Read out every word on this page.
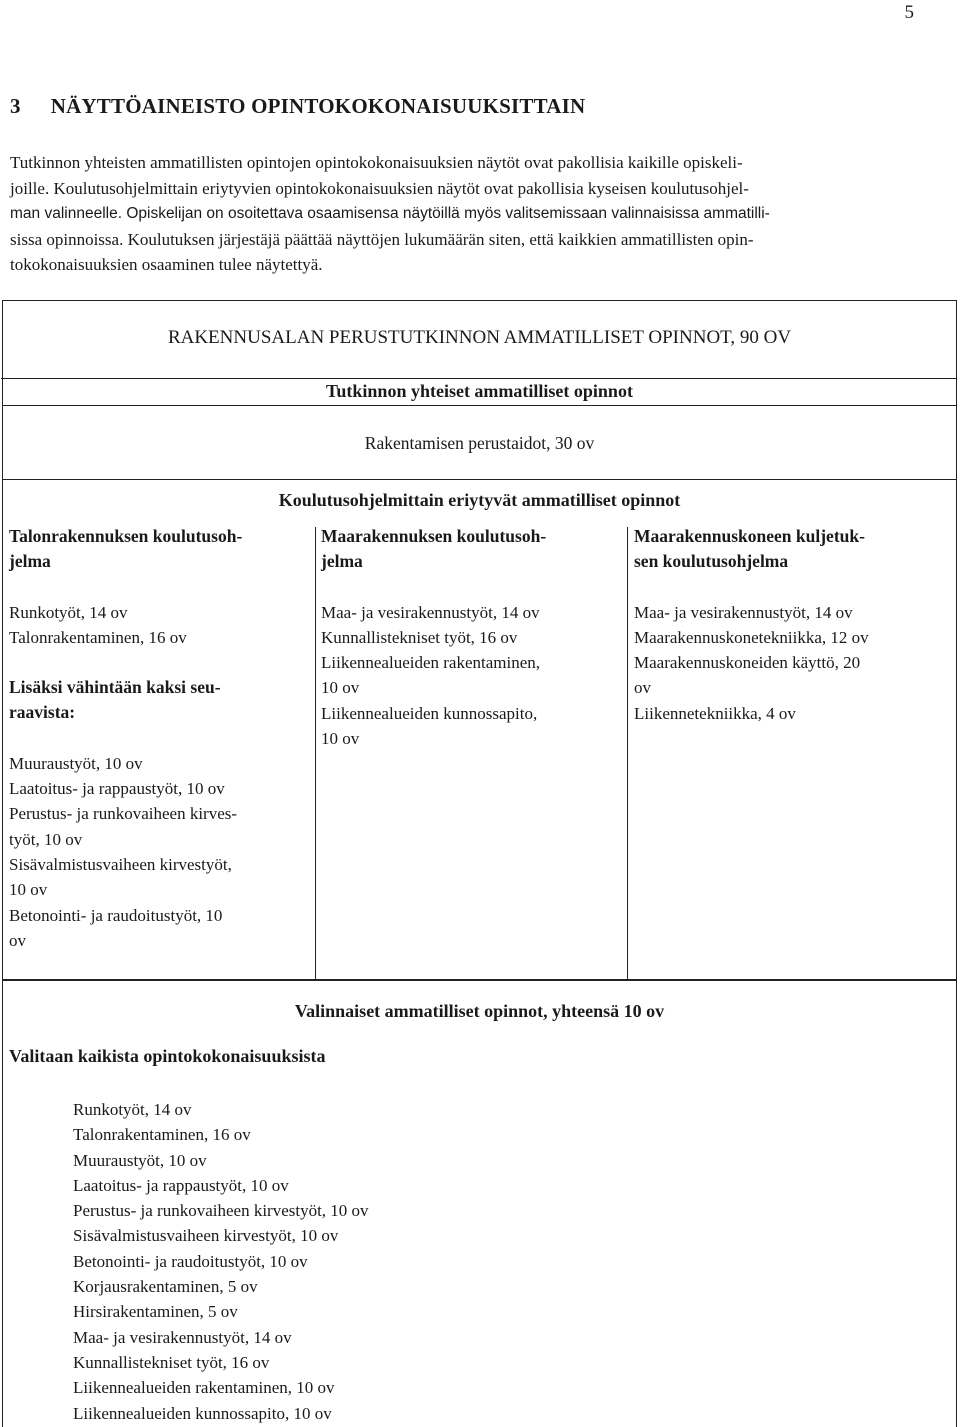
5
3 NÄYTTÖAINEISTO OPINTOKOKONAISUUKSITTAIN
Tutkinnon yhteisten ammatillisten opintojen opintokokonaisuuksien näytöt ovat pakollisia kaikille opiskeli-
joille. Koulutusohjelmittain eriytyvien opintokokonaisuuksien näytöt ovat pakollisia kyseisen koulutusohjel-
man valinneelle. Opiskelijan on osoitettava osaamisensa näytöillä myös valitsemissaan valinnaisissa ammatilli-
sissa opinnoissa. Koulutuksen järjestäjä päättää näyttöjen lukumäärän siten, että kaikkien ammatillisten opin-
tokokonaisuuksien osaaminen tulee näytettyä.
RAKENNUSALAN PERUSTUTKINNON AMMATILLISET OPINNOT, 90 OV
Tutkinnon yhteiset ammatilliset opinnot
Rakentamisen perustaidot, 30 ov
Koulutusohjelmittain eriytyvät ammatilliset opinnot
Talonrakennuksen koulutusoh-
jelma
Runkotyöt, 14 ov
Talonrakentaminen, 16 ov
Lisäksi vähintään kaksi seu-
raavista:
Muuraustyöt, 10 ov
Laatoitus- ja rappaustyöt, 10 ov
Perustus- ja runkovaiheen kirves-
työt, 10 ov
Sisävalmistusvaiheen kirvestyöt,
10 ov
Betonointi- ja raudoitustyöt, 10
ov
Maarakennuksen koulutusoh-
jelma
Maa- ja vesirakennustyöt, 14 ov
Kunnallistekniset työt, 16 ov
Liikennealueiden rakentaminen,
10 ov
Liikennealueiden kunnossapito,
10 ov
Maarakennuskoneen kuljetuk-
sen koulutusohjelma
Maa- ja vesirakennustyöt, 14 ov
Maarakennuskonetekniikka, 12 ov
Maarakennuskoneiden käyttö, 20
ov
Liikennetekniikka, 4 ov
Valinnaiset ammatilliset opinnot, yhteensä 10 ov
Valitaan kaikista opintokokonaisuuksista
Runkotyöt, 14 ov
Talonrakentaminen, 16 ov
Muuraustyöt, 10 ov
Laatoitus- ja rappaustyöt, 10 ov
Perustus- ja runkovaiheen kirvestyöt, 10 ov
Sisävalmistusvaiheen kirvestyöt, 10 ov
Betonointi- ja raudoitustyöt, 10 ov
Korjausrakentaminen, 5 ov
Hirsirakentaminen, 5 ov
Maa- ja vesirakennustyöt, 14 ov
Kunnallistekniset työt, 16 ov
Liikennealueiden rakentaminen, 10 ov
Liikennealueiden kunnossapito, 10 ov
